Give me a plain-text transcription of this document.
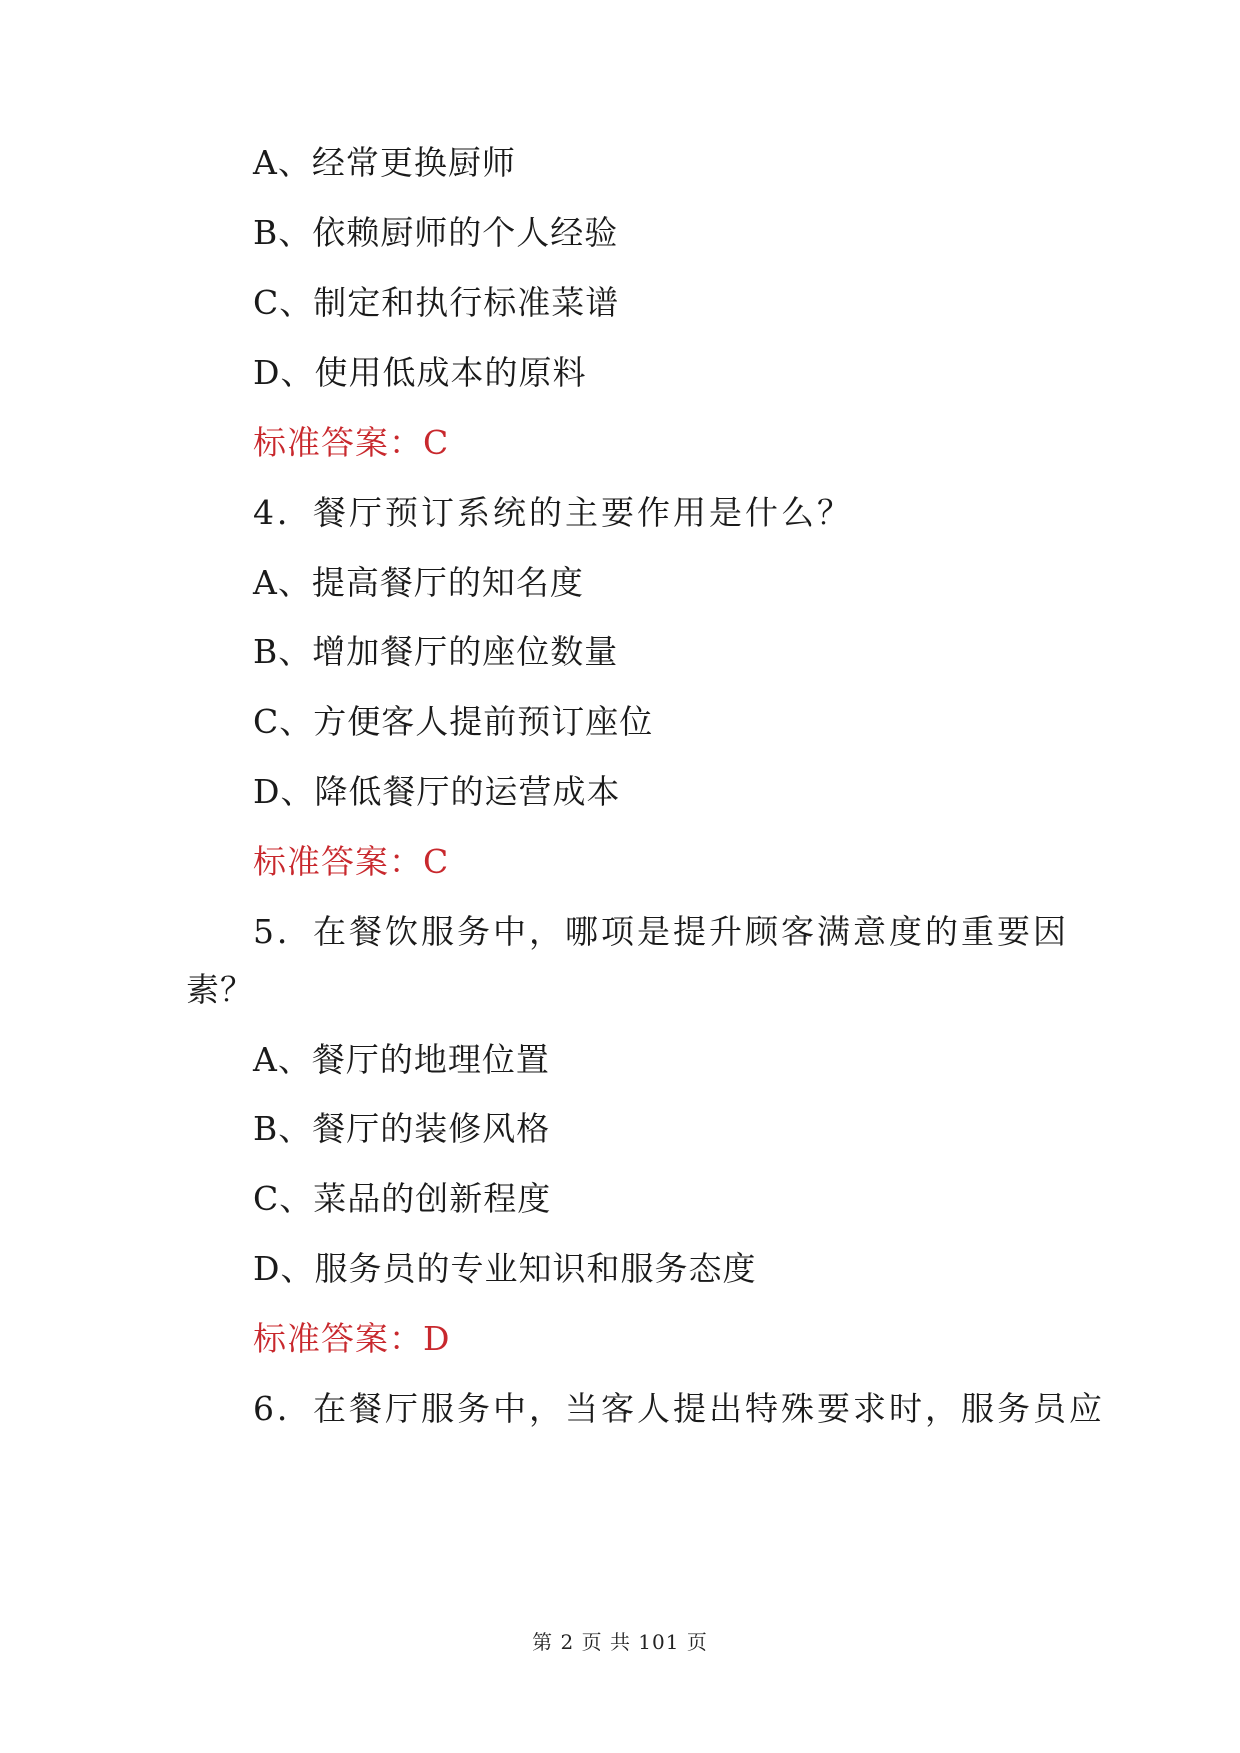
A、经常更换厨师
B、依赖厨师的个人经验
C、制定和执行标准菜谱
D、使用低成本的原料
标准答案：C
4．餐厅预订系统的主要作用是什么？
A、提高餐厅的知名度
B、增加餐厅的座位数量
C、方便客人提前预订座位
D、降低餐厅的运营成本
标准答案：C
5．在餐饮服务中，哪项是提升顾客满意度的重要因
素？
A、餐厅的地理位置
B、餐厅的装修风格
C、菜品的创新程度
D、服务员的专业知识和服务态度
标准答案：D
6．在餐厅服务中，当客人提出特殊要求时，服务员应
第 2 页 共 101 页
